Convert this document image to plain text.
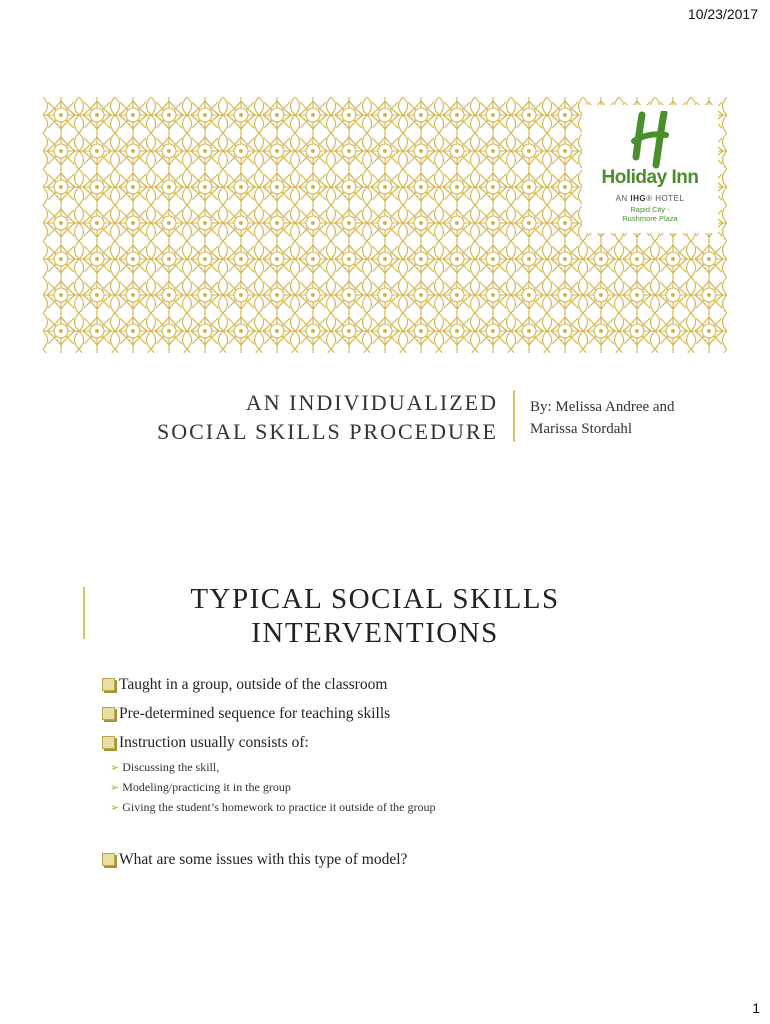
10/23/2017
Holiday Inn
AN IHG® HOTEL
Rapid City -
Rushmore Plaza
AN INDIVIDUALIZED
SOCIAL SKILLS PROCEDURE
By: Melissa Andree and
Marissa Stordahl
TYPICAL SOCIAL SKILLS
INTERVENTIONS
Taught in a group, outside of the classroom
Pre-determined sequence for teaching skills
Instruction usually consists of:
➢ Discussing the skill,
➢ Modeling/practicing it in the group
➢ Giving the student’s homework to practice it outside of the group
What are some issues with this type of model?
1
